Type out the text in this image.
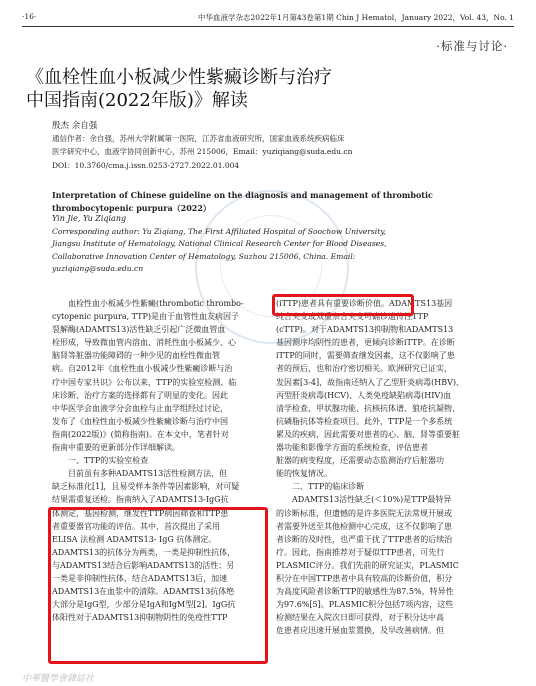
·16·	中华血液学杂志2022年1月第43卷第1期 Chin J Hematol，January 2022，Vol. 43，No. 1
·标准与讨论·
《血栓性血小板减少性紫癜诊断与治疗
中国指南(2022年版)》解读
殷杰 余自强
通信作者：余自强，苏州大学附属第一医院，江苏省血液研究所，国家血液系统疾病临床
医学研究中心，血液学协同创新中心，苏州 215006，Email：yuziqiang@suda.edu.cn
DOI：10.3760/cma.j.issn.0253-2727.2022.01.004
Interpretation of Chinese guideline on the diagnosis and management of thrombotic
thrombocytopenic purpura（2022）
Yin Jie, Yu Ziqiang
Corresponding author: Yu Ziqiang, The First Affiliated Hospital of Soochow University,
Jiangsu Institute of Hematology, National Clinical Research Center for Blood Diseases,
Collaborative Innovation Center of Hematology, Suzhou 215006, China. Email:
yuziqiang@suda.edu.cn
血栓性血小板减少性紫癜(thrombotic thrombo-
cytopenic purpura, TTP)是由于血管性血友病因子
裂解酶(ADAMTS13)活性缺乏引起广泛微血管血
栓形成，导致微血管内溶血、消耗性血小板减少、心
脑肾等脏器功能障碍的一种少见的血栓性微血管
病。自2012年《血栓性血小板减少性紫癜诊断与治
疗中国专家共识》公布以来，TTP的实验室检测、临
床诊断、治疗方案的选择都有了明显的变化。因此
中华医学会血液学分会血栓与止血学组经过讨论，
发布了《血栓性血小板减少性紫癜诊断与治疗中国
指南(2022版)》(简称指南)。在本文中，笔者针对
指南中重要的更新部分作详细解读。
一、TTP的实验室检查
目前虽有多种ADAMTS13活性检测方法，但
缺乏标准化[1]，且易受样本条件等因素影响，对可疑
结果需重复送检。指南纳入了ADAMTS13-IgG抗
体测定，基因检测，继发性TTP病因筛查和TTP患
者重要器官功能的评估。其中，首次提出了采用
ELISA 法检测 ADAMTS13- IgG 抗体测定。
ADAMTS13的抗体分为两类，一类是抑制性抗体，
与ADAMTS13结合后影响ADAMTS13的活性；另
一类是非抑制性抗体，结合ADAMTS13后，加速
ADAMTS13在血浆中的清除。ADAMTS13抗体绝
大部分是IgG型，少部分是IgA和IgM型[2]。IgG抗
体阳性对于ADAMTS13抑制物阴性的免疫性TTP
(iTTP)患者具有重要诊断价值。ADAMTS13基因
纯合突变或双重杂合突变可确诊遗传性TTP
(cTTP)。对于ADAMTS13抑制物和ADAMTS13
基因测序均阴性的患者，更倾向诊断iTTP。在诊断
iTTP的同时，需要筛查继发因素，这不仅影响了患
者的预后，也和治疗密切相关。欧洲研究已证实，
发因素[3-4]，故指南还纳入了乙型肝炎病毒(HBV)、
丙型肝炎病毒(HCV)、人类免疫缺陷病毒(HIV)血
清学检查、甲状腺功能、抗核抗体谱、狼疮抗凝物、
抗磷脂抗体等检查项目。此外，TTP是一个多系统
累及的疾病，因此需要对患者的心、脑、肾等重要脏
器功能和影像学方面的系统检查，评估患者
脏器的病变程度，还需要动态监测治疗后脏器功
能的恢复情况。
二、TTP的临床诊断
ADAMTS13活性缺乏(＜10%)是TTP最特异
的诊断标准，但遗憾的是许多医院无法常规开展或
者需要外送至其他检测中心完成，这不仅影响了患
者诊断的及时性，也严重干扰了TTP患者的后续治
疗。因此，指南推荐对于疑似TTP患者，可先行
PLASMIC评分。我们先前的研究证实，PLASMIC
积分在中国TTP患者中具有较高的诊断价值，积分
为高度风险者诊断TTP的敏感性为87.5%，特异性
为97.6%[5]。PLASMIC积分包括7项内容，这些
检测结果在入院次日即可获得，对于积分达中高
危患者应迅速开展血浆置换，及早改善病情。但
中華醫學會雜誌社
